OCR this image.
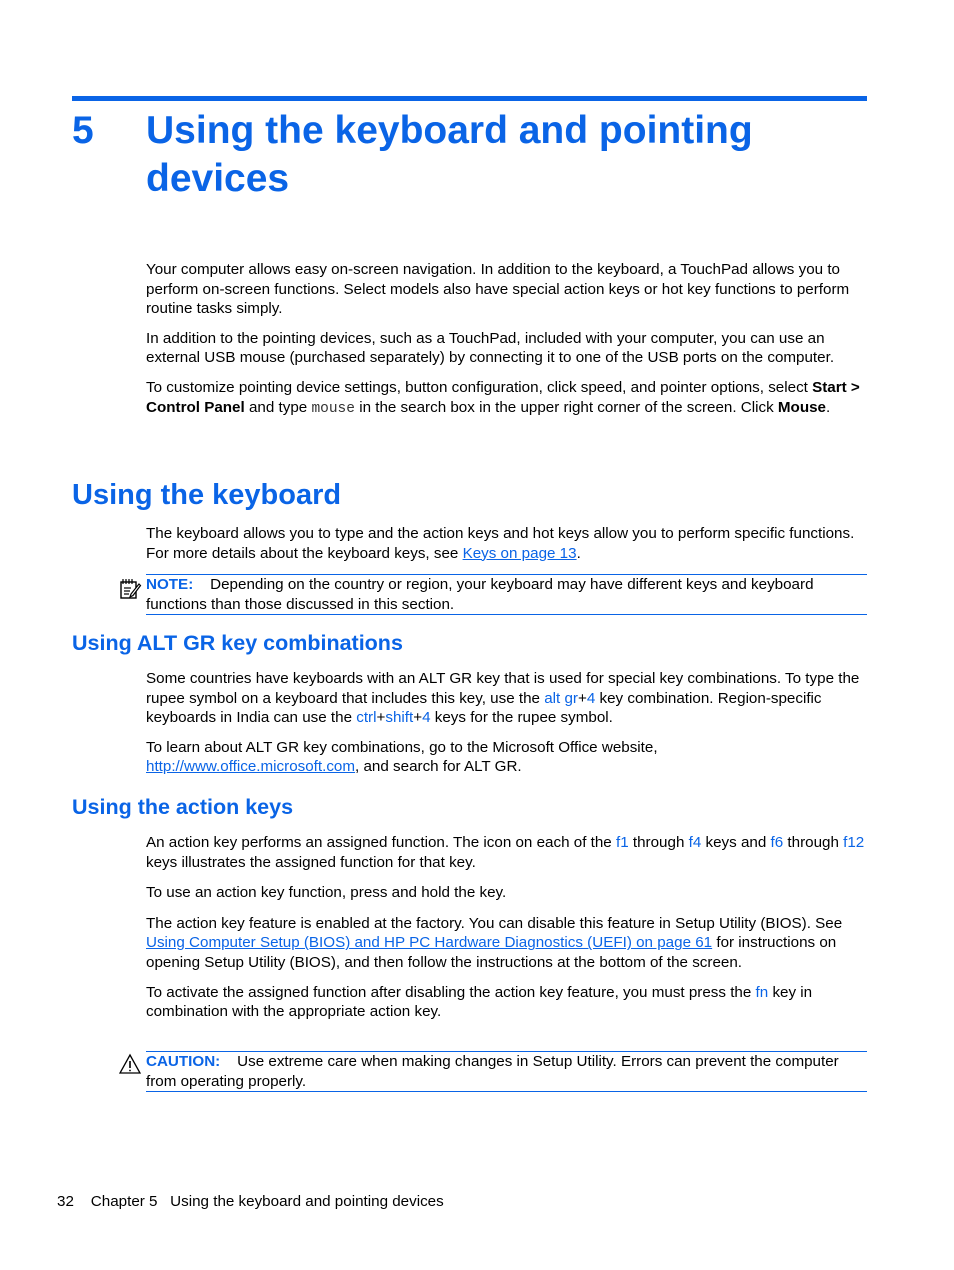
5 Using the keyboard and pointing devices

Your computer allows easy on-screen navigation. In addition to the keyboard, a TouchPad allows you to perform on-screen functions. Select models also have special action keys or hot key functions to perform routine tasks simply.

In addition to the pointing devices, such as a TouchPad, included with your computer, you can use an external USB mouse (purchased separately) by connecting it to one of the USB ports on the computer.

To customize pointing device settings, button configuration, click speed, and pointer options, select Start > Control Panel and type mouse in the search box in the upper right corner of the screen. Click Mouse.

Using the keyboard

The keyboard allows you to type and the action keys and hot keys allow you to perform specific functions. For more details about the keyboard keys, see Keys on page 13.

NOTE: Depending on the country or region, your keyboard may have different keys and keyboard functions than those discussed in this section.
Using ALT GR key combinations

Some countries have keyboards with an ALT GR key that is used for special key combinations. To type the rupee symbol on a keyboard that includes this key, use the alt gr+4 key combination. Region-specific keyboards in India can use the ctrl+shift+4 keys for the rupee symbol.

To learn about ALT GR key combinations, go to the Microsoft Office website, http://www.office.microsoft.com, and search for ALT GR.

Using the action keys

An action key performs an assigned function. The icon on each of the f1 through f4 keys and f6 through f12 keys illustrates the assigned function for that key.

To use an action key function, press and hold the key.

The action key feature is enabled at the factory. You can disable this feature in Setup Utility (BIOS). See Using Computer Setup (BIOS) and HP PC Hardware Diagnostics (UEFI) on page 61 for instructions on opening Setup Utility (BIOS), and then follow the instructions at the bottom of the screen.

To activate the assigned function after disabling the action key feature, you must press the fn key in combination with the appropriate action key.

CAUTION: Use extreme care when making changes in Setup Utility. Errors can prevent the computer from operating properly.
32 Chapter 5 Using the keyboard and pointing devices
